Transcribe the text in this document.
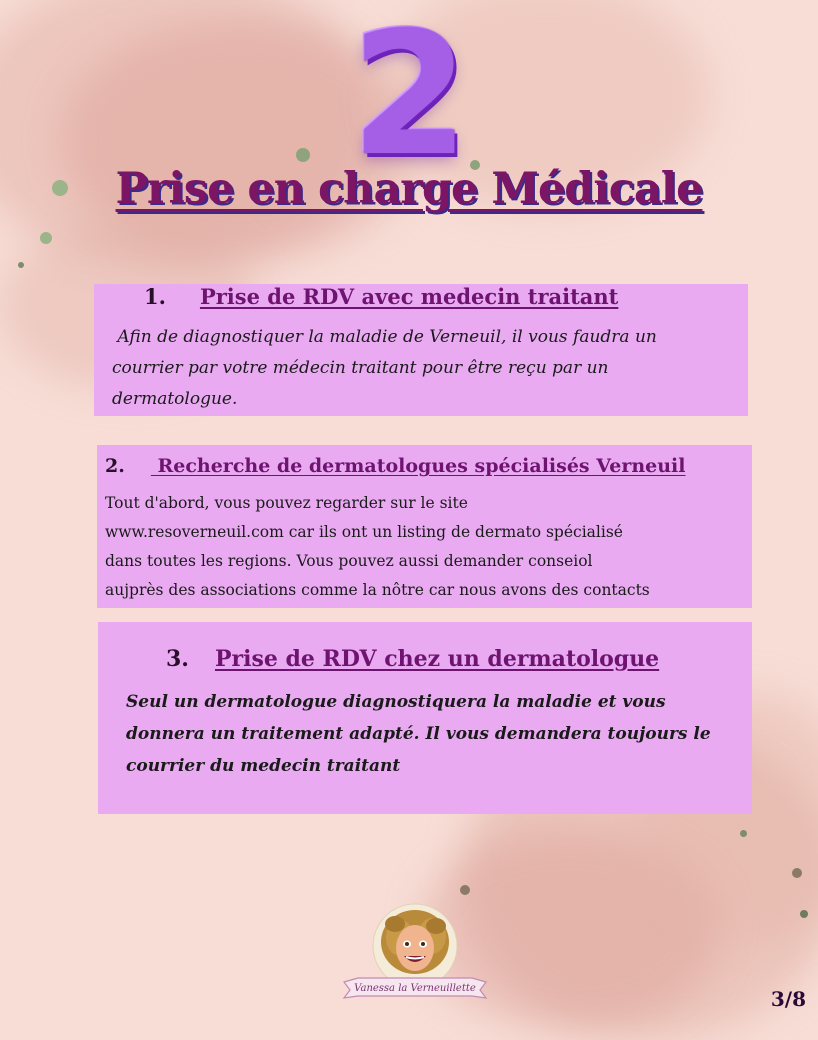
2
Prise en charge Médicale
1. Prise de RDV avec medecin traitant
Afin de diagnostiquer la maladie de Verneuil, il vous faudra un
courrier par votre médecin traitant pour être reçu par un
dermatologue.
2. Recherche de dermatologues spécialisés Verneuil
Tout d'abord, vous pouvez regarder sur le site
www.resoverneuil.com car ils ont un listing de dermato spécialisé
dans toutes les regions. Vous pouvez aussi demander conseiol
aujprès des associations comme la nôtre car nous avons des contacts
3. Prise de RDV chez un dermatologue
Seul un dermatologue diagnostiquera la maladie et vous
donnera un traitement adapté. Il vous demandera toujours le
courrier du medecin traitant
Vanessa la Verneuillette	3/8
